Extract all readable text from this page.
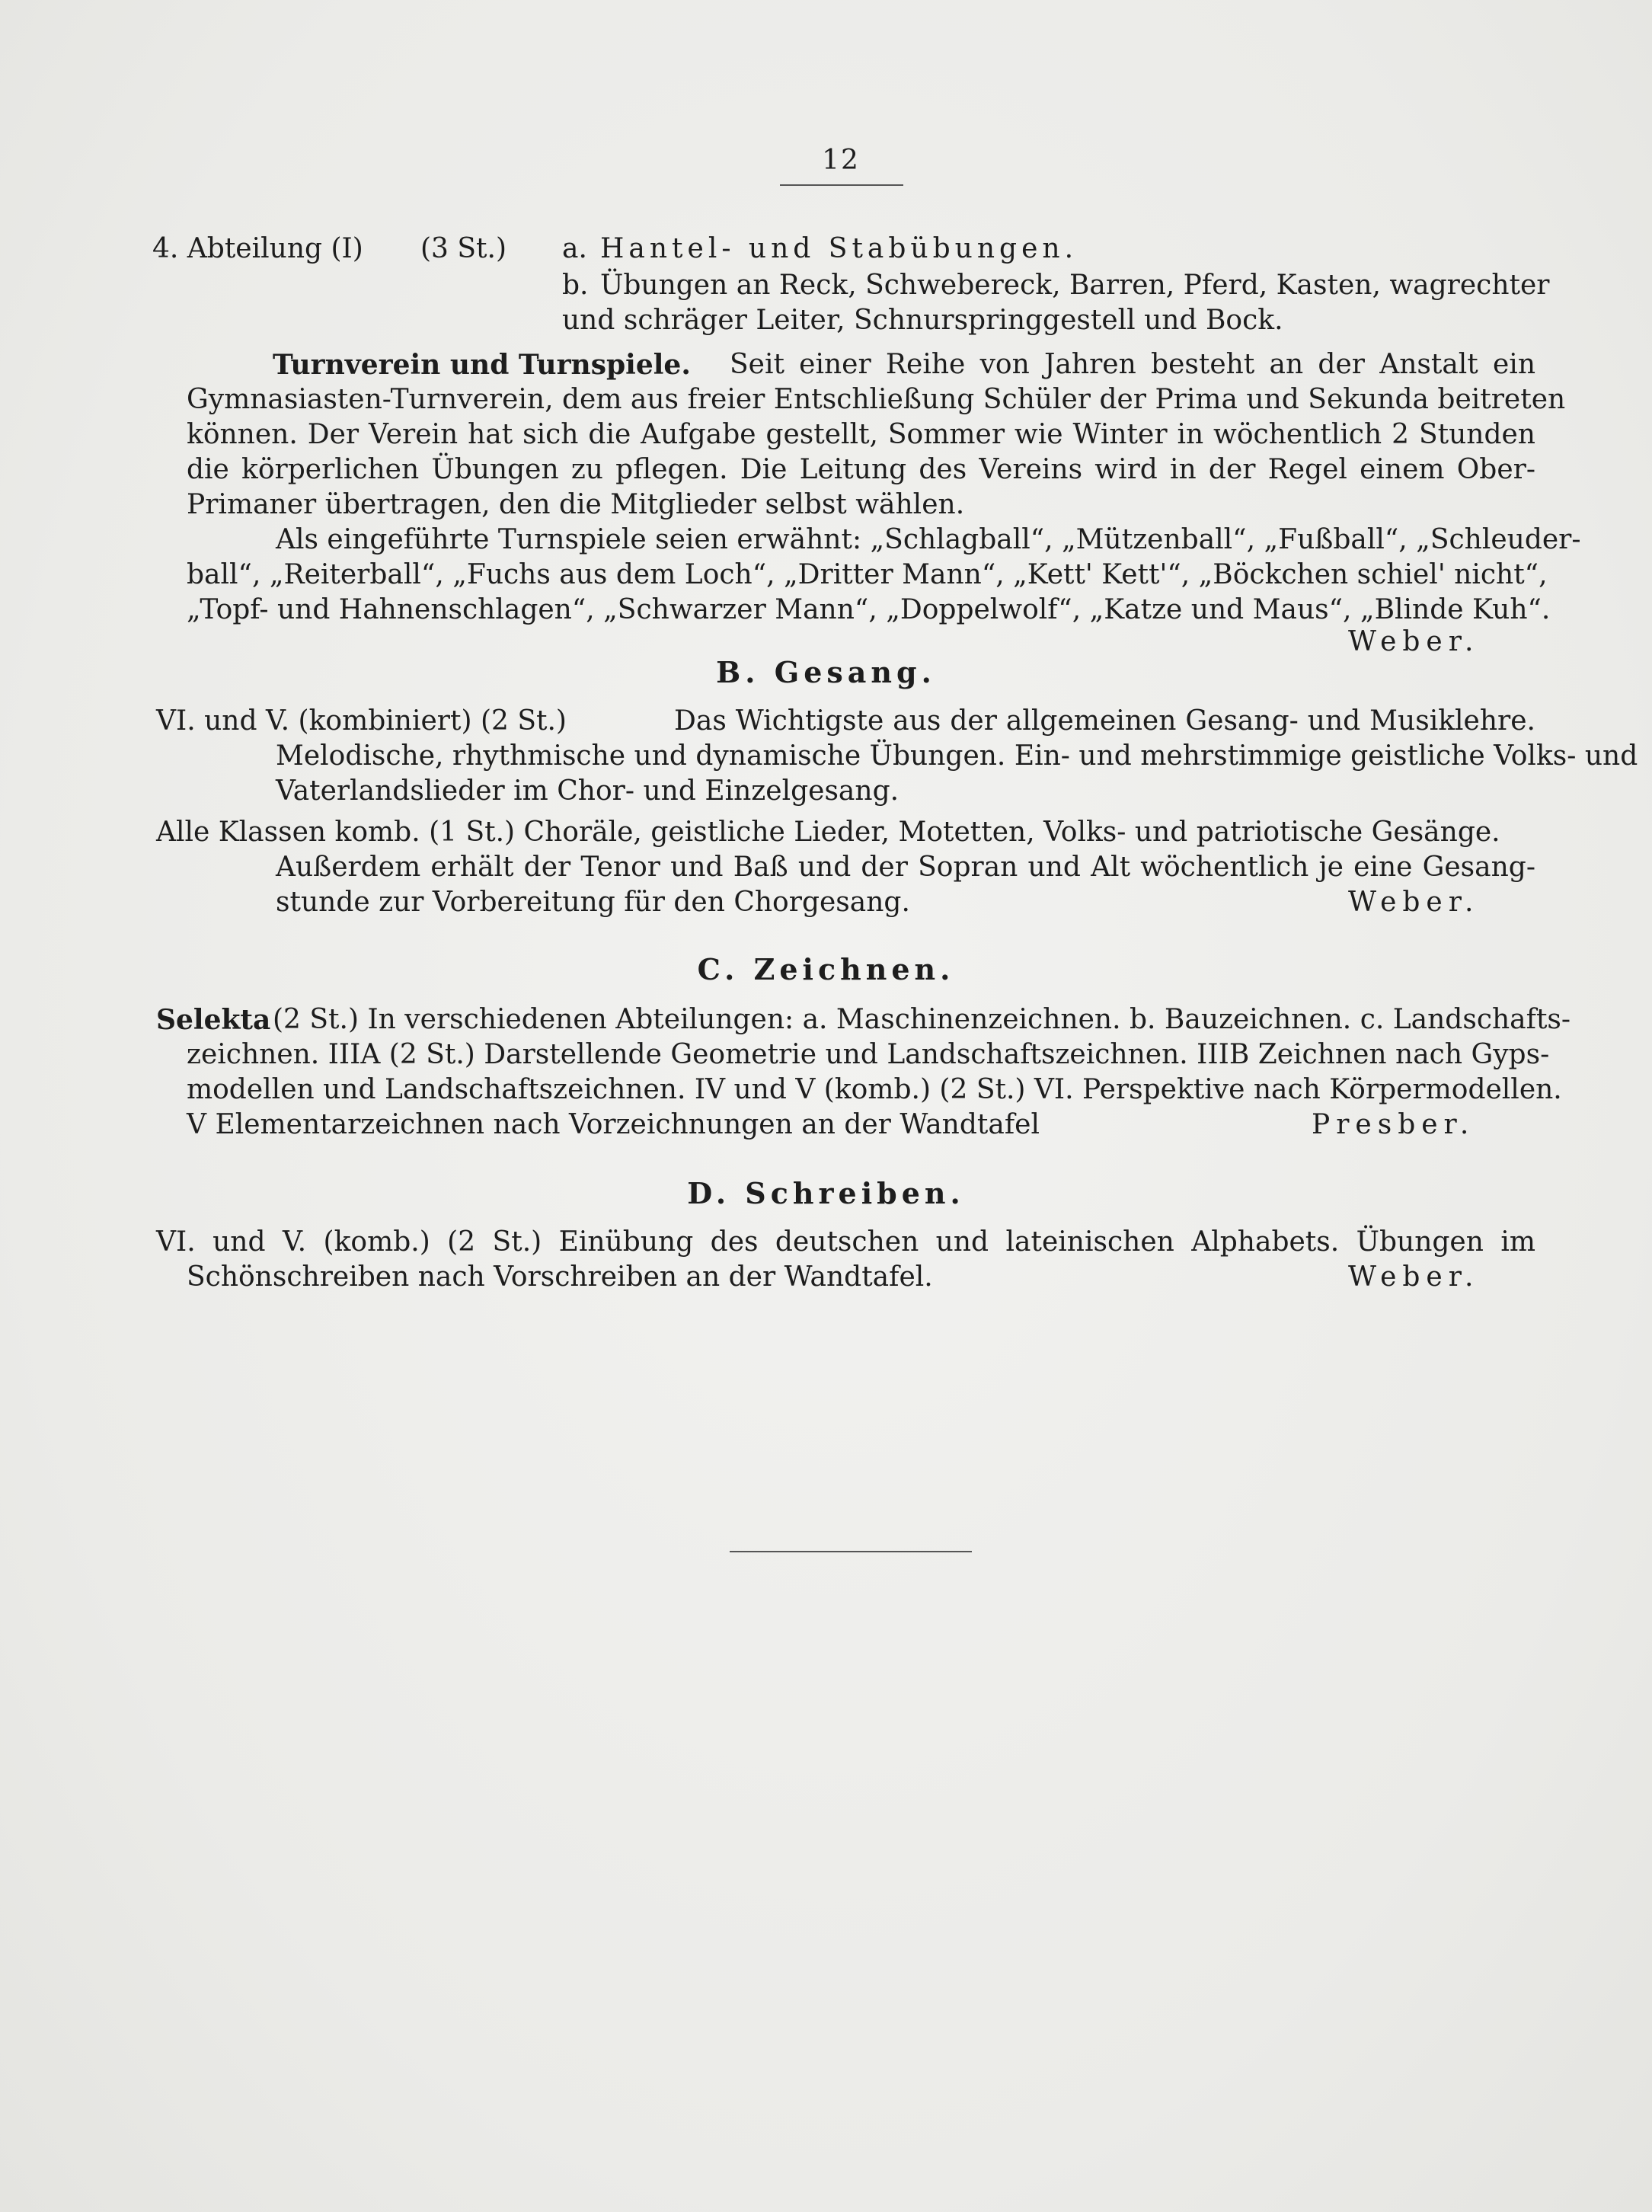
12
4. Abteilung (I) (3 St.) a. Hantel- und Stabübungen.
b. Übungen an Reck, Schwebereck, Barren, Pferd, Kasten, wagrechter
und schräger Leiter, Schnurspringgestell und Bock.
Turnverein und Turnspiele. Seit einer Reihe von Jahren besteht an der Anstalt ein
Gymnasiasten-Turnverein, dem aus freier Entschließung Schüler der Prima und Sekunda beitreten
können. Der Verein hat sich die Aufgabe gestellt, Sommer wie Winter in wöchentlich 2 Stunden
die körperlichen Übungen zu pflegen. Die Leitung des Vereins wird in der Regel einem Ober-
Primaner übertragen, den die Mitglieder selbst wählen.
Als eingeführte Turnspiele seien erwähnt: „Schlagball“, „Mützenball“, „Fußball“, „Schleuder-
ball“, „Reiterball“, „Fuchs aus dem Loch“, „Dritter Mann“, „Kett' Kett'“, „Böckchen schiel' nicht“,
„Topf- und Hahnenschlagen“, „Schwarzer Mann“, „Doppelwolf“, „Katze und Maus“, „Blinde Kuh“.
Weber.
B. Gesang.
VI. und V. (kombiniert) (2 St.)	Das Wichtigste aus der allgemeinen Gesang- und Musiklehre.
Melodische, rhythmische und dynamische Übungen. Ein- und mehrstimmige geistliche Volks- und
Vaterlandslieder im Chor- und Einzelgesang.
Alle Klassen komb. (1 St.) Choräle, geistliche Lieder, Motetten, Volks- und patriotische Gesänge.
Außerdem erhält der Tenor und Baß und der Sopran und Alt wöchentlich je eine Gesang-
stunde zur Vorbereitung für den Chorgesang.	Weber.
C. Zeichnen.
Selekta (2 St.) In verschiedenen Abteilungen: a. Maschinenzeichnen. b. Bauzeichnen. c. Landschafts-
zeichnen. IIIA (2 St.) Darstellende Geometrie und Landschaftszeichnen. IIIB Zeichnen nach Gyps-
modellen und Landschaftszeichnen. IV und V (komb.) (2 St.) VI. Perspektive nach Körpermodellen.
V Elementarzeichnen nach Vorzeichnungen an der Wandtafel	Presber.
D. Schreiben.
VI. und V. (komb.) (2 St.) Einübung des deutschen und lateinischen Alphabets. Übungen im
Schönschreiben nach Vorschreiben an der Wandtafel.	Weber.
